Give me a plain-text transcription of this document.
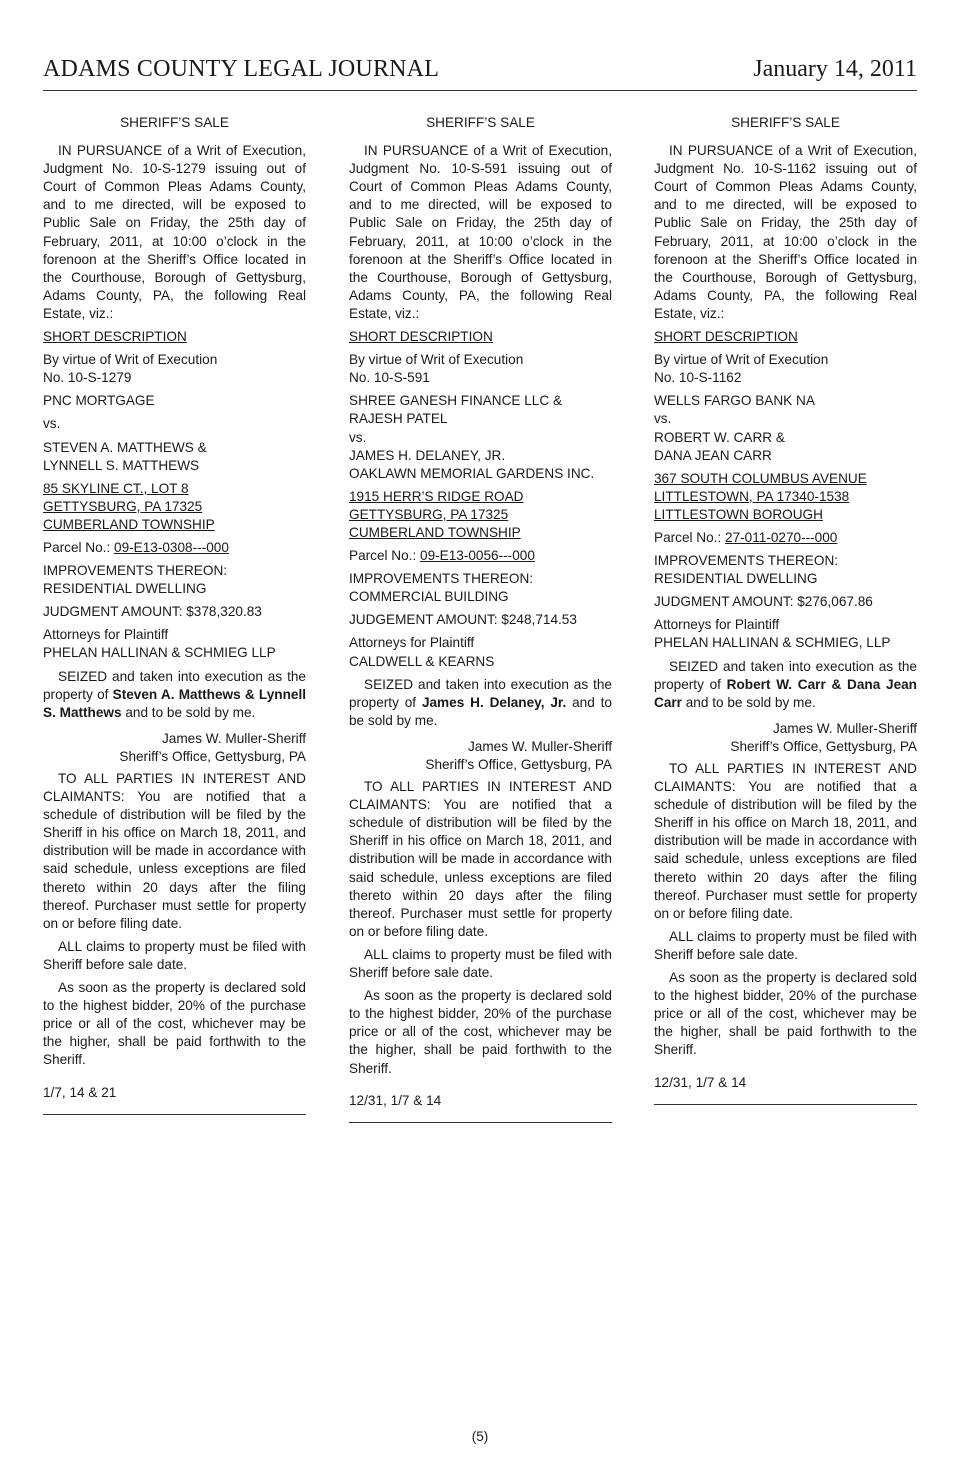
ADAMS COUNTY LEGAL JOURNAL	January 14, 2011

SHERIFF’S SALE

IN PURSUANCE of a Writ of Execution, Judgment No. 10-S-1279 issuing out of Court of Common Pleas Adams County, and to me directed, will be exposed to Public Sale on Friday, the 25th day of February, 2011, at 10:00 o’clock in the forenoon at the Sheriff’s Office located in the Courthouse, Borough of Gettysburg, Adams County, PA, the following Real Estate, viz.:

SHORT DESCRIPTION

By virtue of Writ of Execution
No. 10-S-1279

PNC MORTGAGE

vs.

STEVEN A. MATTHEWS &
LYNNELL S. MATTHEWS

85 SKYLINE CT., LOT 8
GETTYSBURG, PA 17325
CUMBERLAND TOWNSHIP

Parcel No.: 09-E13-0308---000

IMPROVEMENTS THEREON:
RESIDENTIAL DWELLING

JUDGMENT AMOUNT: $378,320.83

Attorneys for Plaintiff
PHELAN HALLINAN & SCHMIEG LLP

SEIZED and taken into execution as the property of Steven A. Matthews & Lynnell S. Matthews and to be sold by me.

James W. Muller-Sheriff
Sheriff’s Office, Gettysburg, PA

TO ALL PARTIES IN INTEREST AND CLAIMANTS: You are notified that a schedule of distribution will be filed by the Sheriff in his office on March 18, 2011, and distribution will be made in accordance with said schedule, unless exceptions are filed thereto within 20 days after the filing thereof. Purchaser must settle for property on or before filing date.

ALL claims to property must be filed with Sheriff before sale date.

As soon as the property is declared sold to the highest bidder, 20% of the purchase price or all of the cost, whichever may be the higher, shall be paid forthwith to the Sheriff.

1/7, 14 & 21

SHERIFF’S SALE

IN PURSUANCE of a Writ of Execution, Judgment No. 10-S-591 issuing out of Court of Common Pleas Adams County, and to me directed, will be exposed to Public Sale on Friday, the 25th day of February, 2011, at 10:00 o’clock in the forenoon at the Sheriff’s Office located in the Courthouse, Borough of Gettysburg, Adams County, PA, the following Real Estate, viz.:

SHORT DESCRIPTION

By virtue of Writ of Execution
No. 10-S-591

SHREE GANESH FINANCE LLC &
RAJESH PATEL
vs.
JAMES H. DELANEY, JR.
OAKLAWN MEMORIAL GARDENS INC.

1915 HERR’S RIDGE ROAD
GETTYSBURG, PA 17325
CUMBERLAND TOWNSHIP

Parcel No.: 09-E13-0056---000

IMPROVEMENTS THEREON:
COMMERCIAL BUILDING

JUDGEMENT AMOUNT: $248,714.53

Attorneys for Plaintiff
CALDWELL & KEARNS

SEIZED and taken into execution as the property of James H. Delaney, Jr. and to be sold by me.

James W. Muller-Sheriff
Sheriff’s Office, Gettysburg, PA

TO ALL PARTIES IN INTEREST AND CLAIMANTS: You are notified that a schedule of distribution will be filed by the Sheriff in his office on March 18, 2011, and distribution will be made in accordance with said schedule, unless exceptions are filed thereto within 20 days after the filing thereof. Purchaser must settle for property on or before filing date.

ALL claims to property must be filed with Sheriff before sale date.

As soon as the property is declared sold to the highest bidder, 20% of the purchase price or all of the cost, whichever may be the higher, shall be paid forthwith to the Sheriff.

12/31, 1/7 & 14

SHERIFF’S SALE

IN PURSUANCE of a Writ of Execution, Judgment No. 10-S-1162 issuing out of Court of Common Pleas Adams County, and to me directed, will be exposed to Public Sale on Friday, the 25th day of February, 2011, at 10:00 o’clock in the forenoon at the Sheriff’s Office located in the Courthouse, Borough of Gettysburg, Adams County, PA, the following Real Estate, viz.:

SHORT DESCRIPTION

By virtue of Writ of Execution
No. 10-S-1162

WELLS FARGO BANK NA
vs.
ROBERT W. CARR &
DANA JEAN CARR

367 SOUTH COLUMBUS AVENUE
LITTLESTOWN, PA 17340-1538
LITTLESTOWN BOROUGH

Parcel No.: 27-011-0270---000

IMPROVEMENTS THEREON:
RESIDENTIAL DWELLING

JUDGMENT AMOUNT: $276,067.86

Attorneys for Plaintiff
PHELAN HALLINAN & SCHMIEG, LLP

SEIZED and taken into execution as the property of Robert W. Carr & Dana Jean Carr and to be sold by me.

James W. Muller-Sheriff
Sheriff’s Office, Gettysburg, PA

TO ALL PARTIES IN INTEREST AND CLAIMANTS: You are notified that a schedule of distribution will be filed by the Sheriff in his office on March 18, 2011, and distribution will be made in accordance with said schedule, unless exceptions are filed thereto within 20 days after the filing thereof. Purchaser must settle for property on or before filing date.

ALL claims to property must be filed with Sheriff before sale date.

As soon as the property is declared sold to the highest bidder, 20% of the purchase price or all of the cost, whichever may be the higher, shall be paid forthwith to the Sheriff.

12/31, 1/7 & 14

(5)
